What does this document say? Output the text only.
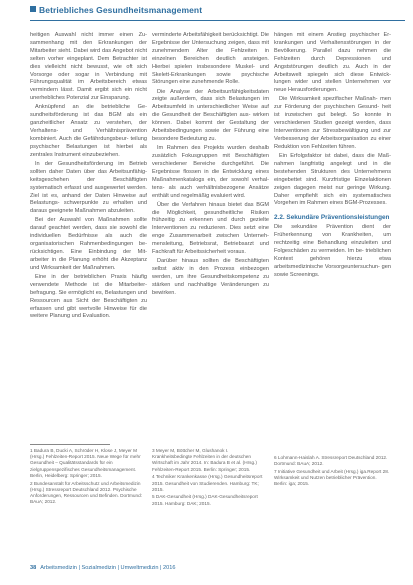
Betriebliches Gesundheitsmanagement

heitigen Auswahl nicht immer einen Zu- sammenhang mit den Erkrankungen der Mitarbeiter sieht. Dabei wird das Angebot nicht selten vorher eingeplant. Dem Betrachter ist dies vielleicht nicht bewusst, wie oft sich Vorsorge oder sogar in Verbindung mit Führungsqualität im Arbeitsbereich etwas vermindern lässt. Damit ergibt sich ein nicht unerhebliches Potenzial zur Einsparung.

Anknüpfend an die betriebliche Ge- sundheitsförderung ist das BGM als ein ganzheitlicher Ansatz zu verstehen, der Verhaltens- und Verhältnisprävention kombiniert. Auch die Gefährdungsbeur- teilung psychischer Belastungen ist hierbei als zentrales Instrument einzubeziehen.

In der Gesundheitsförderung im Betrieb sollten daher Daten über das Arbeitsunfähig- keitsgeschehen der Beschäftigten systematisch erfasst und ausgewertet werden. Ziel ist es, anhand der Daten Hinweise auf Belastungs- schwerpunkte zu erhalten und daraus geeignete Maßnahmen abzuleiten.

Bei der Auswahl von Maßnahmen sollte darauf geachtet werden, dass sie sowohl die individuellen Bedürfnisse als auch die organisatorischen Rahmenbedingungen be- rücksichtigen. Eine Einbindung der Mit- arbeiter in die Planung erhöht die Akzeptanz und Wirksamkeit der Maßnahmen.

Eine in der betrieblichen Praxis häufig verwendete Methode ist die Mitarbeiter- befragung. Sie ermöglicht es, Belastungen und Ressourcen aus Sicht der Beschäftigten zu erfassen und gibt wertvolle Hinweise für die weitere Planung und Evaluation.

verminderte Arbeitsfähigkeit berücksichtigt. Die Ergebnisse der Untersuchung zeigen, dass mit zunehmendem Alter die Fehlzeiten in einzelnen Bereichen deutlich ansteigen. Hierbei spielen insbesondere Muskel- und Skelett-Erkrankungen sowie psychische Störungen eine zunehmende Rolle.

Die Analyse der Arbeitsunfähigkeitsdaten zeigte außerdem, dass sich Belastungen im Arbeitsumfeld in unterschiedlicher Weise auf die Gesundheit der Beschäftigten aus- wirken können. Dabei kommt der Gestaltung der Arbeitsbedingungen sowie der Führung eine besondere Bedeutung zu.

Im Rahmen des Projekts wurden deshalb zusätzlich Fokusgruppen mit Beschäftigten verschiedener Bereiche durchgeführt. Die Ergebnisse flossen in die Entwicklung eines Maßnahmenkatalogs ein, der sowohl verhal- tens- als auch verhältnisbezogene Ansätze enthält und regelmäßig evaluiert wird.

Über die Verfahren hinaus bietet das BGM die Möglichkeit, gesundheitliche Risiken frühzeitig zu erkennen und durch gezielte Interventionen zu reduzieren. Dies setzt eine enge Zusammenarbeit zwischen Unterneh- mensleitung, Betriebsrat, Betriebsarzt und Fachkraft für Arbeitssicherheit voraus.

Darüber hinaus sollten die Beschäftigten selbst aktiv in den Prozess einbezogen werden, um ihre Gesundheitskompetenz zu stärken und nachhaltige Veränderungen zu bewirken.

hängen mit einem Anstieg psychischer Er- krankungen und Verhaltensstörungen in der Bevölkerung. Parallel dazu nehmen die Fehlzeiten durch Depressionen und Angststörungen deutlich zu. Auch in der Arbeitswelt spiegeln sich diese Entwick- lungen wider und stellen Unternehmen vor neue Herausforderungen.

Die Wirksamkeit spezifischer Maßnah- men zur Förderung der psychischen Gesund- heit ist inzwischen gut belegt. So konnte in verschiedenen Studien gezeigt werden, dass Interventionen zur Stressbewältigung und zur Verbesserung der Arbeitsorganisation zu einer Reduktion von Fehlzeiten führen.

Ein Erfolgsfaktor ist dabei, dass die Maß- nahmen langfristig angelegt und in die bestehenden Strukturen des Unternehmens eingebettet sind. Kurzfristige Einzelaktionen zeigen dagegen meist nur geringe Wirkung. Daher empfiehlt sich ein systematisches Vorgehen im Rahmen eines BGM-Prozesses.

2.2. Sekundäre Präventionsleistungen

Die sekundäre Prävention dient der Früherkennung von Krankheiten, um rechtzeitig eine Behandlung einzuleiten und Folgeschäden zu vermeiden. Im be- trieblichen Kontext gehören hierzu etwa arbeitsmedizinische Vorsorgeuntersuchun- gen sowie Screenings.

1 Badura B, Ducki A, Schröder H, Klose J, Meyer M (Hrsg.) Fehlzeiten-Report 2015. Neue Wege für mehr Gesundheit – Qualitätsstandards für ein zielgruppenspezifisches Gesundheitsmanagement. Berlin, Heidelberg: Springer; 2015.

2 Bundesanstalt für Arbeitsschutz und Arbeitsmedizin (Hrsg.) Stressreport Deutschland 2012. Psychische Anforderungen, Ressourcen und Befinden. Dortmund: BAuA; 2012.

3 Meyer M, Böttcher M, Glushanok I. Krankheitsbedingte Fehlzeiten in der deutschen Wirtschaft im Jahr 2014. In: Badura B et al. (Hrsg.) Fehlzeiten-Report 2015. Berlin: Springer; 2015.

4 Techniker Krankenkasse (Hrsg.) Gesundheitsreport 2015. Gesundheit von Studierenden. Hamburg: TK; 2015.

5 DAK-Gesundheit (Hrsg.) DAK-Gesundheitsreport 2015. Hamburg: DAK; 2015.

6 Lohmann-Haislah A. Stressreport Deutschland 2012. Dortmund: BAuA; 2012.

7 Initiative Gesundheit und Arbeit (Hrsg.) iga.Report 28. Wirksamkeit und Nutzen betrieblicher Prävention. Berlin: iga; 2015.

38 Arbeitsmedizin | Sozialmedizin | Umweltmedizin | 2016
